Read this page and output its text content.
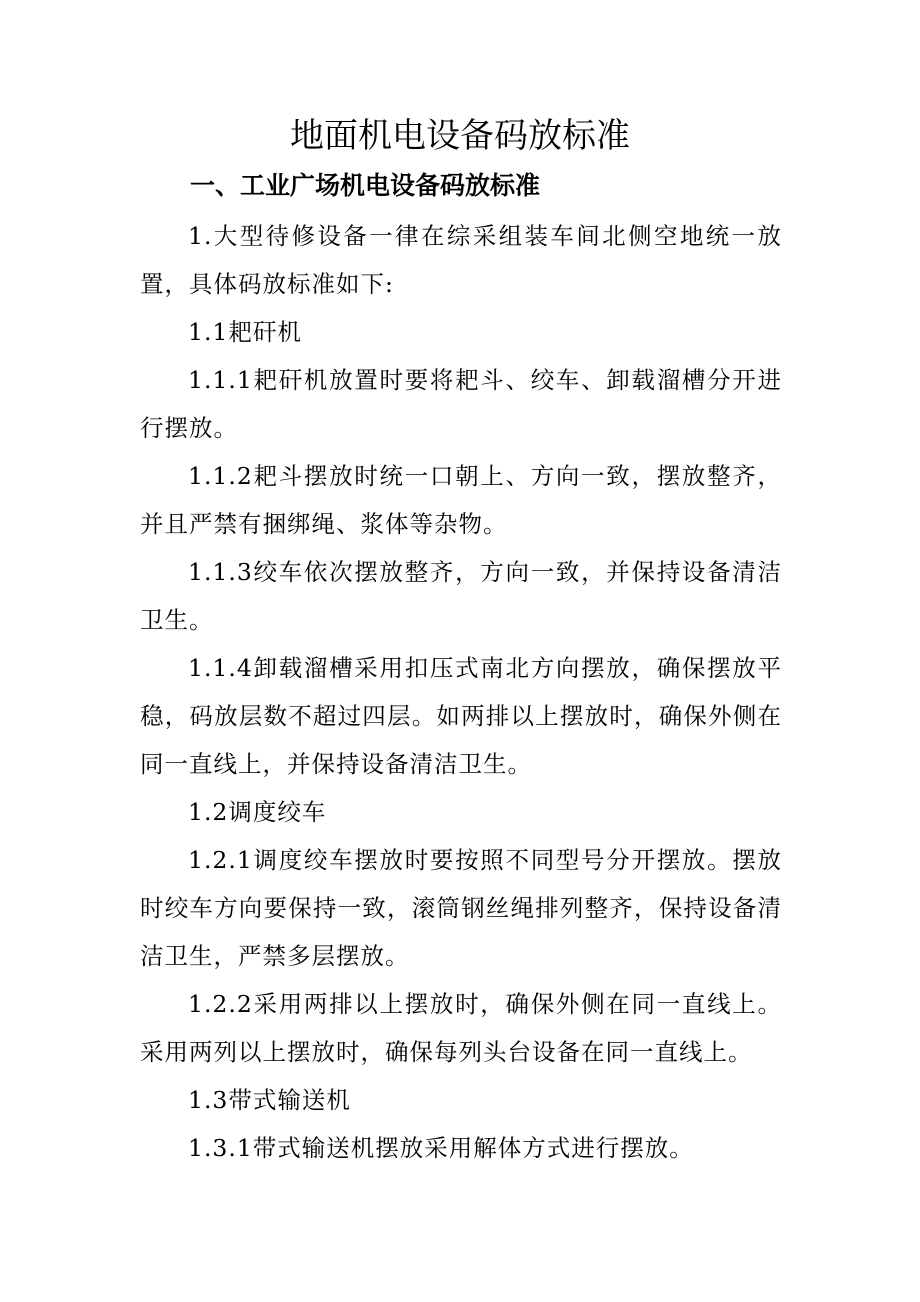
地面机电设备码放标准
一、工业广场机电设备码放标准

1.大型待修设备一律在综采组装车间北侧空地统一放置，具体码放标准如下:

1.1耙矸机

1.1.1耙矸机放置时要将耙斗、绞车、卸载溜槽分开进行摆放。

1.1.2耙斗摆放时统一口朝上、方向一致，摆放整齐，并且严禁有捆绑绳、浆体等杂物。

1.1.3绞车依次摆放整齐，方向一致，并保持设备清洁卫生。

1.1.4卸载溜槽采用扣压式南北方向摆放，确保摆放平稳，码放层数不超过四层。如两排以上摆放时，确保外侧在同一直线上，并保持设备清洁卫生。

1.2调度绞车

1.2.1调度绞车摆放时要按照不同型号分开摆放。摆放时绞车方向要保持一致，滚筒钢丝绳排列整齐，保持设备清洁卫生，严禁多层摆放。

1.2.2采用两排以上摆放时，确保外侧在同一直线上。采用两列以上摆放时，确保每列头台设备在同一直线上。

1.3带式输送机

1.3.1带式输送机摆放采用解体方式进行摆放。
